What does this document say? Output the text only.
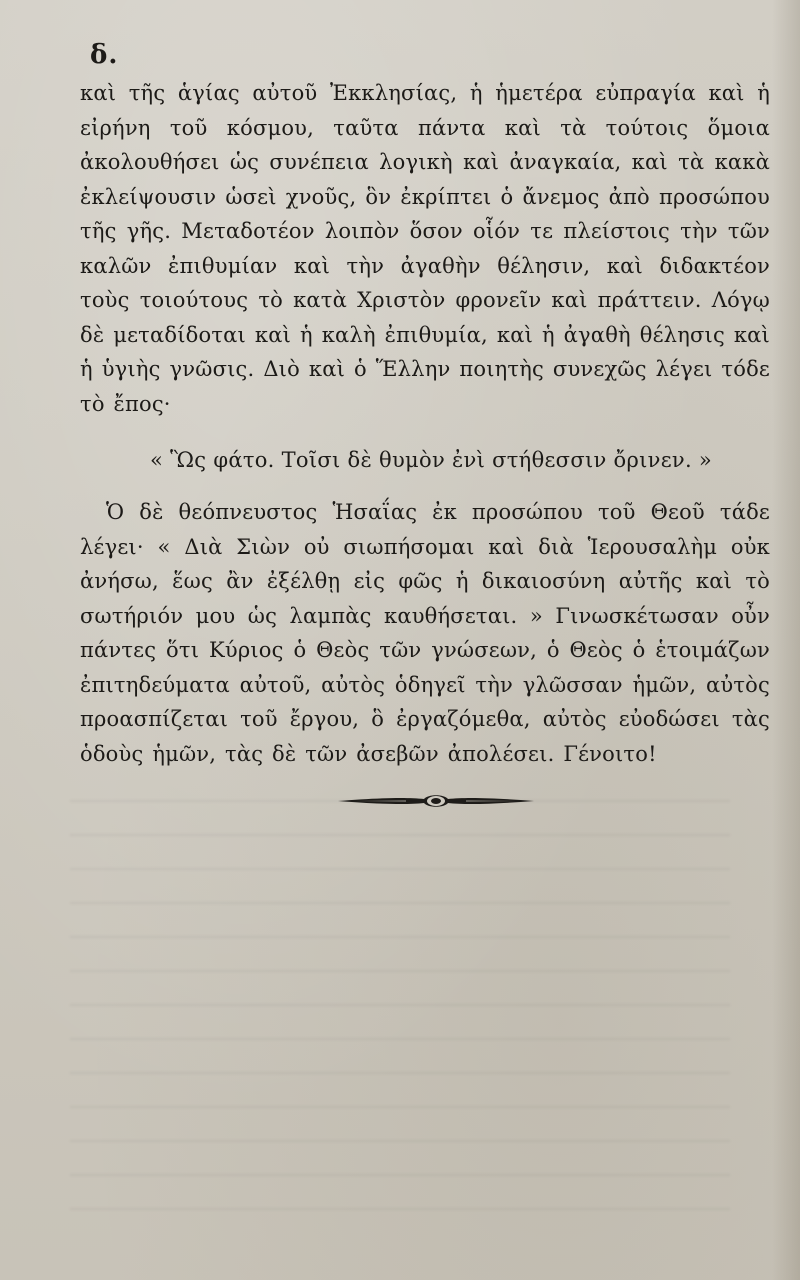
δ.

καὶ τῆς ἁγίας αὐτοῦ Ἐκκλησίας, ἡ ἡμετέρα εὐπραγία καὶ ἡ εἰρήνη τοῦ κόσμου, ταῦτα πάντα καὶ τὰ τούτοις ὅμοια ἀκολουθήσει ὡς συνέπεια λογικὴ καὶ ἀναγκαία, καὶ τὰ κακὰ ἐκλείψουσιν ὡσεὶ χνοῦς, ὃν ἐκρίπτει ὁ ἄνεμος ἀπὸ προσώπου τῆς γῆς. Μεταδοτέον λοιπὸν ὅσον οἷόν τε πλείστοις τὴν τῶν καλῶν ἐπιθυμίαν καὶ τὴν ἀγαθὴν θέλησιν, καὶ διδακτέον τοὺς τοιούτους τὸ κατὰ Χριστὸν φρονεῖν καὶ πράττειν. Λόγῳ δὲ μεταδίδοται καὶ ἡ καλὴ ἐπιθυμία, καὶ ἡ ἀγαθὴ θέλησις καὶ ἡ ὑγιὴς γνῶσις. Διὸ καὶ ὁ Ἕλλην ποιητὴς συνεχῶς λέγει τόδε τὸ ἔπος·

« Ὣς φάτο. Τοῖσι δὲ θυμὸν ἐνὶ στήθεσσιν ὄρινεν. »

Ὁ δὲ θεόπνευστος Ἡσαΐας ἐκ προσώπου τοῦ Θεοῦ τάδε λέγει· « Διὰ Σιὼν οὐ σιωπήσομαι καὶ διὰ Ἱερουσαλὴμ οὐκ ἀνήσω, ἕως ἂν ἐξέλθῃ εἰς φῶς ἡ δικαιοσύνη αὐτῆς καὶ τὸ σωτήριόν μου ὡς λαμπὰς καυθήσεται. » Γινωσκέτωσαν οὖν πάντες ὅτι Κύριος ὁ Θεὸς τῶν γνώσεων, ὁ Θεὸς ὁ ἑτοιμάζων ἐπιτηδεύματα αὐτοῦ, αὐτὸς ὁδηγεῖ τὴν γλῶσσαν ἡμῶν, αὐτὸς προασπίζεται τοῦ ἔργου, ὃ ἐργαζόμεθα, αὐτὸς εὐοδώσει τὰς ὁδοὺς ἡμῶν, τὰς δὲ τῶν ἀσεβῶν ἀπολέσει. Γένοιτο!
